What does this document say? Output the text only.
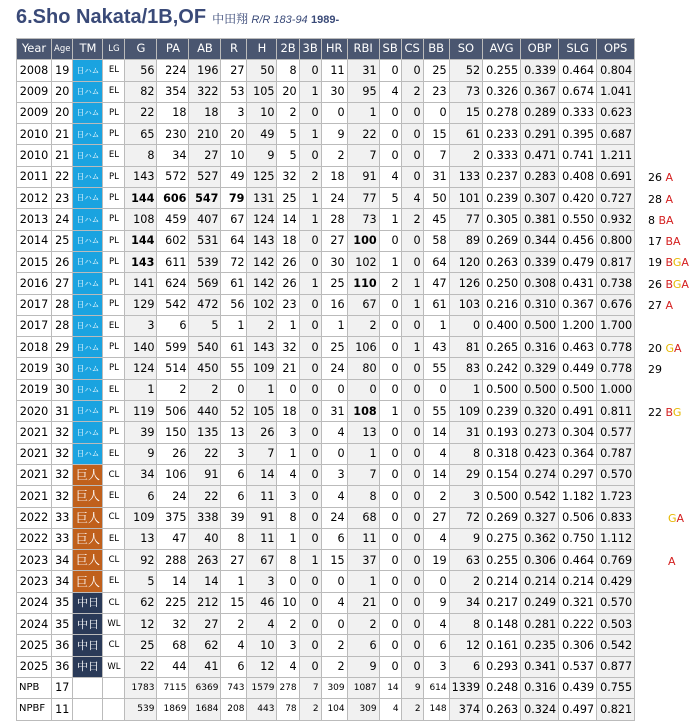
6.Sho Nakata/1B,OF 中田翔 R/R 183-94 1989-
Year	Age	TM	LG	G	PA	AB	R	H	2B	3B	HR	RBI	SB	CS	BB	SO	AVG	OBP	SLG	OPS
2008	19	日ハム	EL	56	224	196	27	50	8	0	11	31	0	0	25	52	0.255	0.339	0.464	0.804
2009	20	日ハム	EL	82	354	322	53	105	20	1	30	95	4	2	23	73	0.326	0.367	0.674	1.041
2009	20	日ハム	PL	22	18	18	3	10	2	0	0	1	0	0	0	15	0.278	0.289	0.333	0.623
2010	21	日ハム	PL	65	230	210	20	49	5	1	9	22	0	0	15	61	0.233	0.291	0.395	0.687
2010	21	日ハム	EL	8	34	27	10	9	5	0	2	7	0	0	7	2	0.333	0.471	0.741	1.211
2011	22	日ハム	PL	143	572	527	49	125	32	2	18	91	4	0	31	133	0.237	0.283	0.408	0.691
2012	23	日ハム	PL	144	606	547	79	131	25	1	24	77	5	4	50	101	0.239	0.307	0.420	0.727
2013	24	日ハム	PL	108	459	407	67	124	14	1	28	73	1	2	45	77	0.305	0.381	0.550	0.932
2014	25	日ハム	PL	144	602	531	64	143	18	0	27	100	0	0	58	89	0.269	0.344	0.456	0.800
2015	26	日ハム	PL	143	611	539	72	142	26	0	30	102	1	0	64	120	0.263	0.339	0.479	0.817
2016	27	日ハム	PL	141	624	569	61	142	26	1	25	110	2	1	47	126	0.250	0.308	0.431	0.738
2017	28	日ハム	PL	129	542	472	56	102	23	0	16	67	0	1	61	103	0.216	0.310	0.367	0.676
2017	28	日ハム	EL	3	6	5	1	2	1	0	1	2	0	0	1	0	0.400	0.500	1.200	1.700
2018	29	日ハム	PL	140	599	540	61	143	32	0	25	106	0	1	43	81	0.265	0.316	0.463	0.778
2019	30	日ハム	PL	124	514	450	55	109	21	0	24	80	0	0	55	83	0.242	0.329	0.449	0.778
2019	30	日ハム	EL	1	2	2	0	1	0	0	0	0	0	0	0	1	0.500	0.500	0.500	1.000
2020	31	日ハム	PL	119	506	440	52	105	18	0	31	108	1	0	55	109	0.239	0.320	0.491	0.811
2021	32	日ハム	PL	39	150	135	13	26	3	0	4	13	0	0	14	31	0.193	0.273	0.304	0.577
2021	32	日ハム	EL	9	26	22	3	7	1	0	0	1	0	0	4	8	0.318	0.423	0.364	0.787
2021	32	巨人	CL	34	106	91	6	14	4	0	3	7	0	0	14	29	0.154	0.274	0.297	0.570
2021	32	巨人	EL	6	24	22	6	11	3	0	4	8	0	0	2	3	0.500	0.542	1.182	1.723
2022	33	巨人	CL	109	375	338	39	91	8	0	24	68	0	0	27	72	0.269	0.327	0.506	0.833
2022	33	巨人	EL	13	47	40	8	11	1	0	6	11	0	0	4	9	0.275	0.362	0.750	1.112
2023	34	巨人	CL	92	288	263	27	67	8	1	15	37	0	0	19	63	0.255	0.306	0.464	0.769
2023	34	巨人	EL	5	14	14	1	3	0	0	0	1	0	0	0	2	0.214	0.214	0.214	0.429
2024	35	中日	CL	62	225	212	15	46	10	0	4	21	0	0	9	34	0.217	0.249	0.321	0.570
2024	35	中日	WL	12	32	27	2	4	2	0	0	2	0	0	4	8	0.148	0.281	0.222	0.503
2025	36	中日	CL	25	68	62	4	10	3	0	2	6	0	0	6	12	0.161	0.235	0.306	0.542
2025	36	中日	WL	22	44	41	6	12	4	0	2	9	0	0	3	6	0.293	0.341	0.537	0.877
NPB	17			1783	7115	6369	743	1579	278	7	309	1087	14	9	614	1339	0.248	0.316	0.439	0.755
NPBF	11			539	1869	1684	208	443	78	2	104	309	4	2	148	374	0.263	0.324	0.497	0.821
26 A
28 A
8 BA
17 BA
19 BGA
26 BGA
27 A
20 GA
29
22 BG
GA
A
